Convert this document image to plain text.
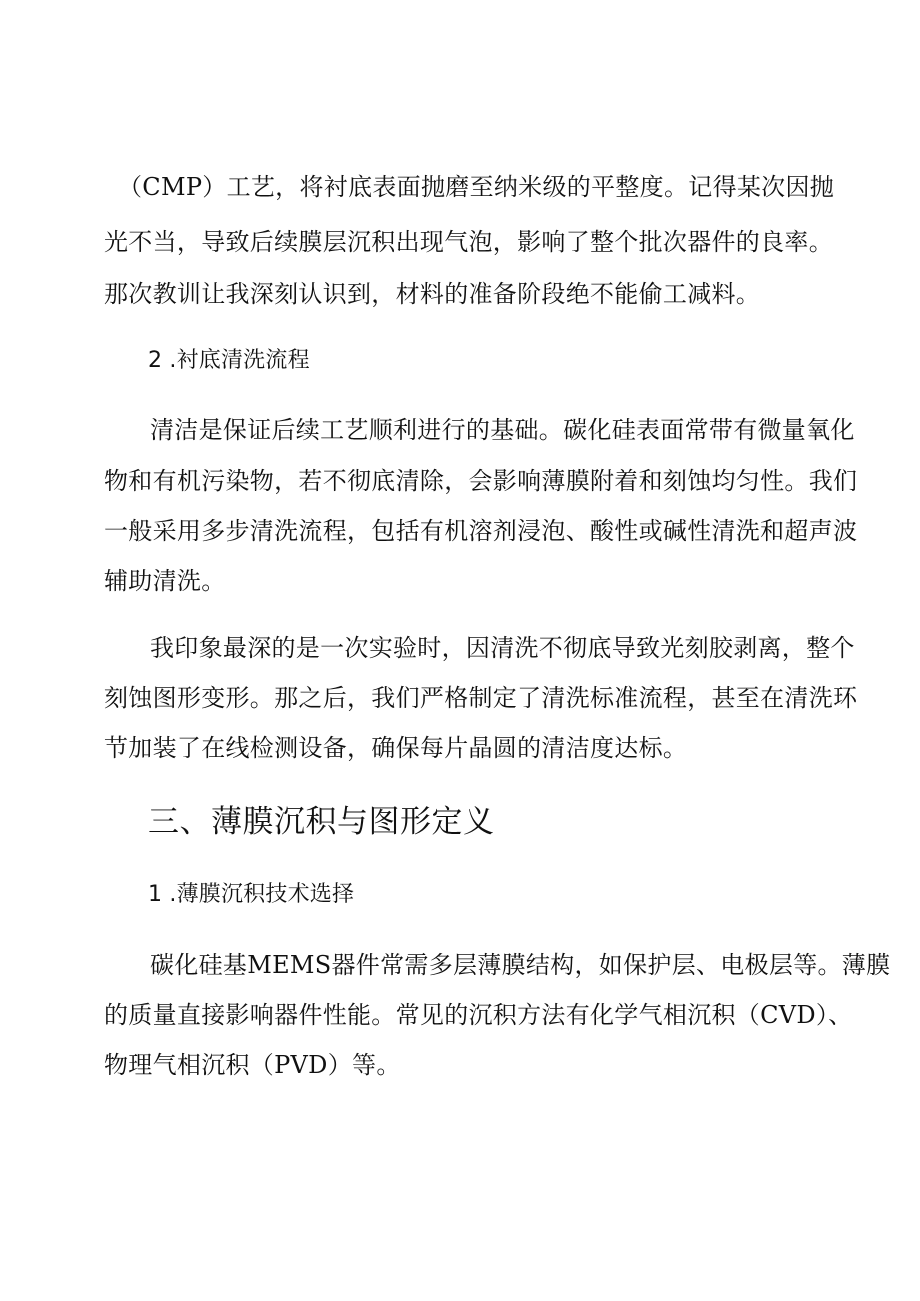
（CMP）工艺，将衬底表面抛磨至纳米级的平整度。记得某次因抛
光不当，导致后续膜层沉积出现气泡，影响了整个批次器件的良率。
那次教训让我深刻认识到，材料的准备阶段绝不能偷工减料。
2 .衬底清洗流程
清洁是保证后续工艺顺利进行的基础。碳化硅表面常带有微量氧化
物和有机污染物，若不彻底清除，会影响薄膜附着和刻蚀均匀性。我们
一般采用多步清洗流程，包括有机溶剂浸泡、酸性或碱性清洗和超声波
辅助清洗。
我印象最深的是一次实验时，因清洗不彻底导致光刻胶剥离，整个
刻蚀图形变形。那之后，我们严格制定了清洗标准流程，甚至在清洗环
节加装了在线检测设备，确保每片晶圆的清洁度达标。
三、薄膜沉积与图形定义
1 .薄膜沉积技术选择
碳化硅基MEMS器件常需多层薄膜结构，如保护层、电极层等。薄膜
的质量直接影响器件性能。常见的沉积方法有化学气相沉积（CVD）、
物理气相沉积（PVD）等。
